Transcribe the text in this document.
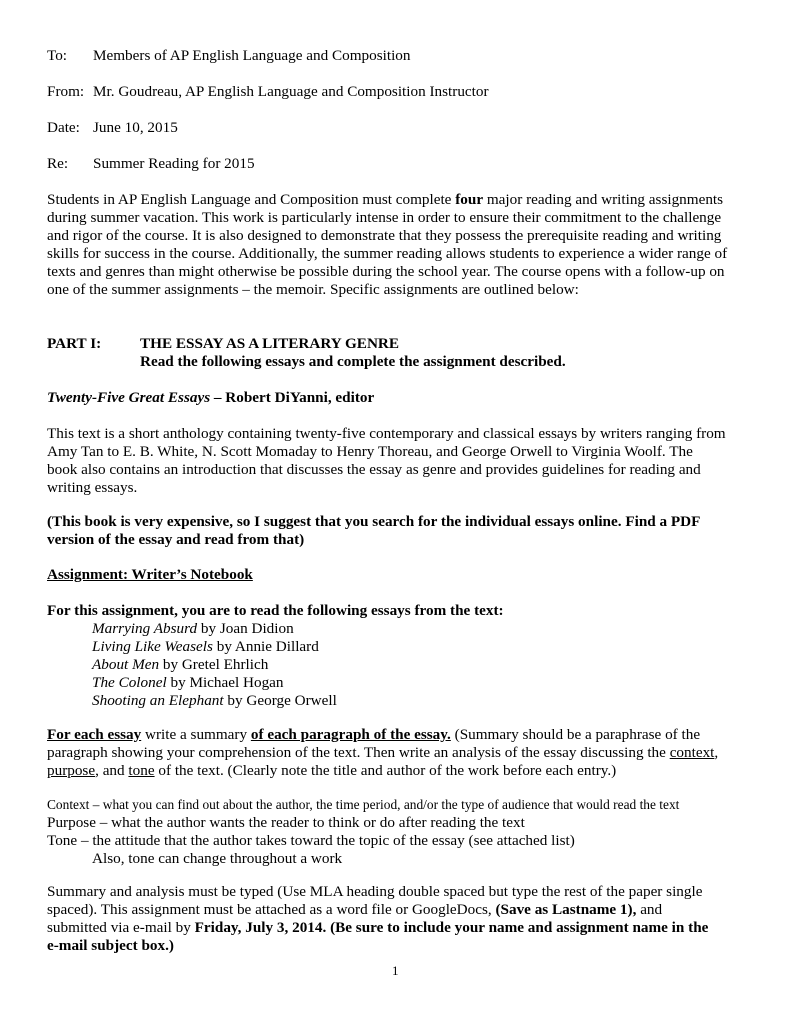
To: Members of AP English Language and Composition
From: Mr. Goudreau, AP English Language and Composition Instructor
Date: June 10, 2015
Re: Summer Reading for 2015
Students in AP English Language and Composition must complete four major reading and writing assignments
during summer vacation. This work is particularly intense in order to ensure their commitment to the challenge
and rigor of the course. It is also designed to demonstrate that they possess the prerequisite reading and writing
skills for success in the course. Additionally, the summer reading allows students to experience a wider range of
texts and genres than might otherwise be possible during the school year. The course opens with a follow-up on
one of the summer assignments – the memoir. Specific assignments are outlined below:
PART I:	THE ESSAY AS A LITERARY GENRE
Read the following essays and complete the assignment described.
Twenty-Five Great Essays – Robert DiYanni, editor
This text is a short anthology containing twenty-five contemporary and classical essays by writers ranging from
Amy Tan to E. B. White, N. Scott Momaday to Henry Thoreau, and George Orwell to Virginia Woolf. The
book also contains an introduction that discusses the essay as genre and provides guidelines for reading and
writing essays.
(This book is very expensive, so I suggest that you search for the individual essays online. Find a PDF
version of the essay and read from that)
Assignment: Writer’s Notebook
For this assignment, you are to read the following essays from the text:
Marrying Absurd by Joan Didion
Living Like Weasels by Annie Dillard
About Men by Gretel Ehrlich
The Colonel by Michael Hogan
Shooting an Elephant by George Orwell
For each essay write a summary of each paragraph of the essay. (Summary should be a paraphrase of the
paragraph showing your comprehension of the text. Then write an analysis of the essay discussing the context,
purpose, and tone of the text. (Clearly note the title and author of the work before each entry.)
Context – what you can find out about the author, the time period, and/or the type of audience that would read the text
Purpose – what the author wants the reader to think or do after reading the text
Tone – the attitude that the author takes toward the topic of the essay (see attached list)
Also, tone can change throughout a work
Summary and analysis must be typed (Use MLA heading double spaced but type the rest of the paper single
spaced). This assignment must be attached as a word file or GoogleDocs, (Save as Lastname 1), and
submitted via e-mail by Friday, July 3, 2014. (Be sure to include your name and assignment name in the
e-mail subject box.)
1
